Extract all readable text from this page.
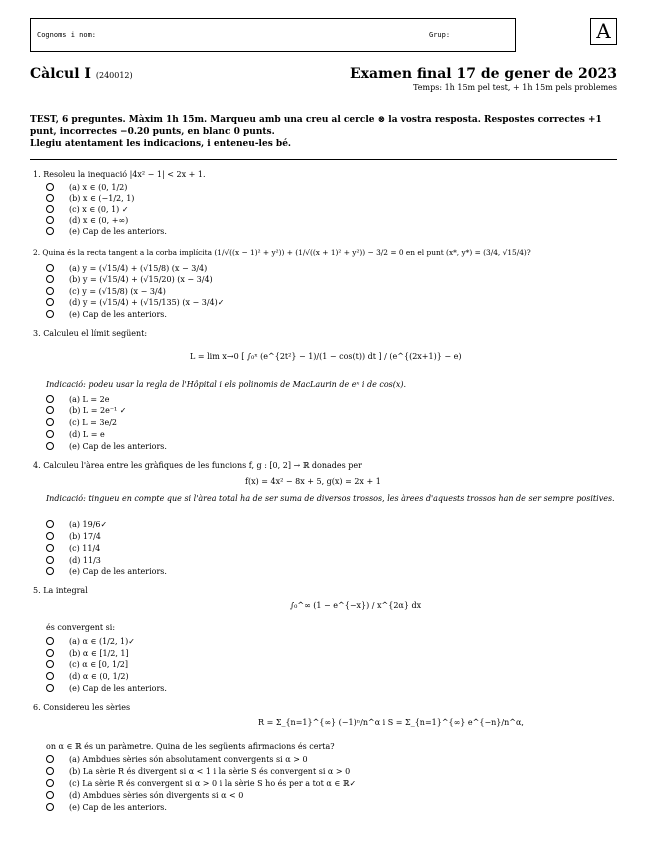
Cognoms i nom:	Grup:	A
Càlcul I (240012)	Examen final 17 de gener de 2023
Temps: 1h 15m pel test, + 1h 15m pels problemes
TEST, 6 preguntes. Màxim 1h 15m. Marqueu amb una creu al cercle ⊗ la vostra resposta. Respostes correctes +1 punt, incorrectes −0.20 punts, en blanc 0 punts.
Llegiu atentament les indicacions, i enteneu-les bé.
1. Resoleu la inequació |4x² − 1| < 2x + 1.
(a) x ∈ (0, 1/2)
(b) x ∈ (−1/2, 1)
(c) x ∈ (0, 1) ✓
(d) x ∈ (0, +∞)
(e) Cap de les anteriors.
2. Quina és la recta tangent a la corba implícita (1/√((x − 1)² + y²)) + (1/√((x + 1)² + y²)) − 3/2 = 0 en el punt (x*, y*) = (3/4, √15/4)?
(a) y = (√15/4) + (√15/8) (x − 3/4)
(b) y = (√15/4) + (√15/20) (x − 3/4)
(c) y = (√15/8) (x − 3/4)
(d) y = (√15/4) + (√15/135) (x − 3/4)✓
(e) Cap de les anteriors.
3. Calculeu el límit següent:
L = lim x→0 [ ∫₀ˣ (e^{2t²} − 1)/(1 − cos(t)) dt ] / (e^{(2x+1)} − e)
Indicació: podeu usar la regla de l'Hôpital i els polinomis de MacLaurin de eˣ i de cos(x).
(a) L = 2e
(b) L = 2e⁻¹ ✓
(c) L = 3e/2
(d) L = e
(e) Cap de les anteriors.
4. Calculeu l'àrea entre les gràfiques de les funcions f, g : [0, 2] → ℝ donades per
f(x) = 4x² − 8x + 5, g(x) = 2x + 1
Indicació: tingueu en compte que si l'àrea total ha de ser suma de diversos trossos, les àrees d'aquests trossos han de ser sempre positives.
(a) 19/6✓
(b) 17/4
(c) 11/4
(d) 11/3
(e) Cap de les anteriors.
5. La integral
∫₀^∞ (1 − e^{−x}) / x^{2α} dx
és convergent si:
(a) α ∈ (1/2, 1)✓
(b) α ∈ [1/2, 1]
(c) α ∈ [0, 1/2]
(d) α ∈ (0, 1/2)
(e) Cap de les anteriors.
6. Considereu les sèries
R = Σ_{n=1}^{∞} (−1)ⁿ/n^α i S = Σ_{n=1}^{∞} e^{−n}/n^α,
on α ∈ ℝ és un paràmetre. Quina de les següents afirmacions és certa?
(a) Ambdues sèries són absolutament convergents si α > 0
(b) La sèrie R és divergent si α < 1 i la sèrie S és convergent si α > 0
(c) La sèrie R és convergent si α > 0 i la sèrie S ho és per a tot α ∈ ℝ✓
(d) Ambdues sèries són divergents si α < 0
(e) Cap de les anteriors.
